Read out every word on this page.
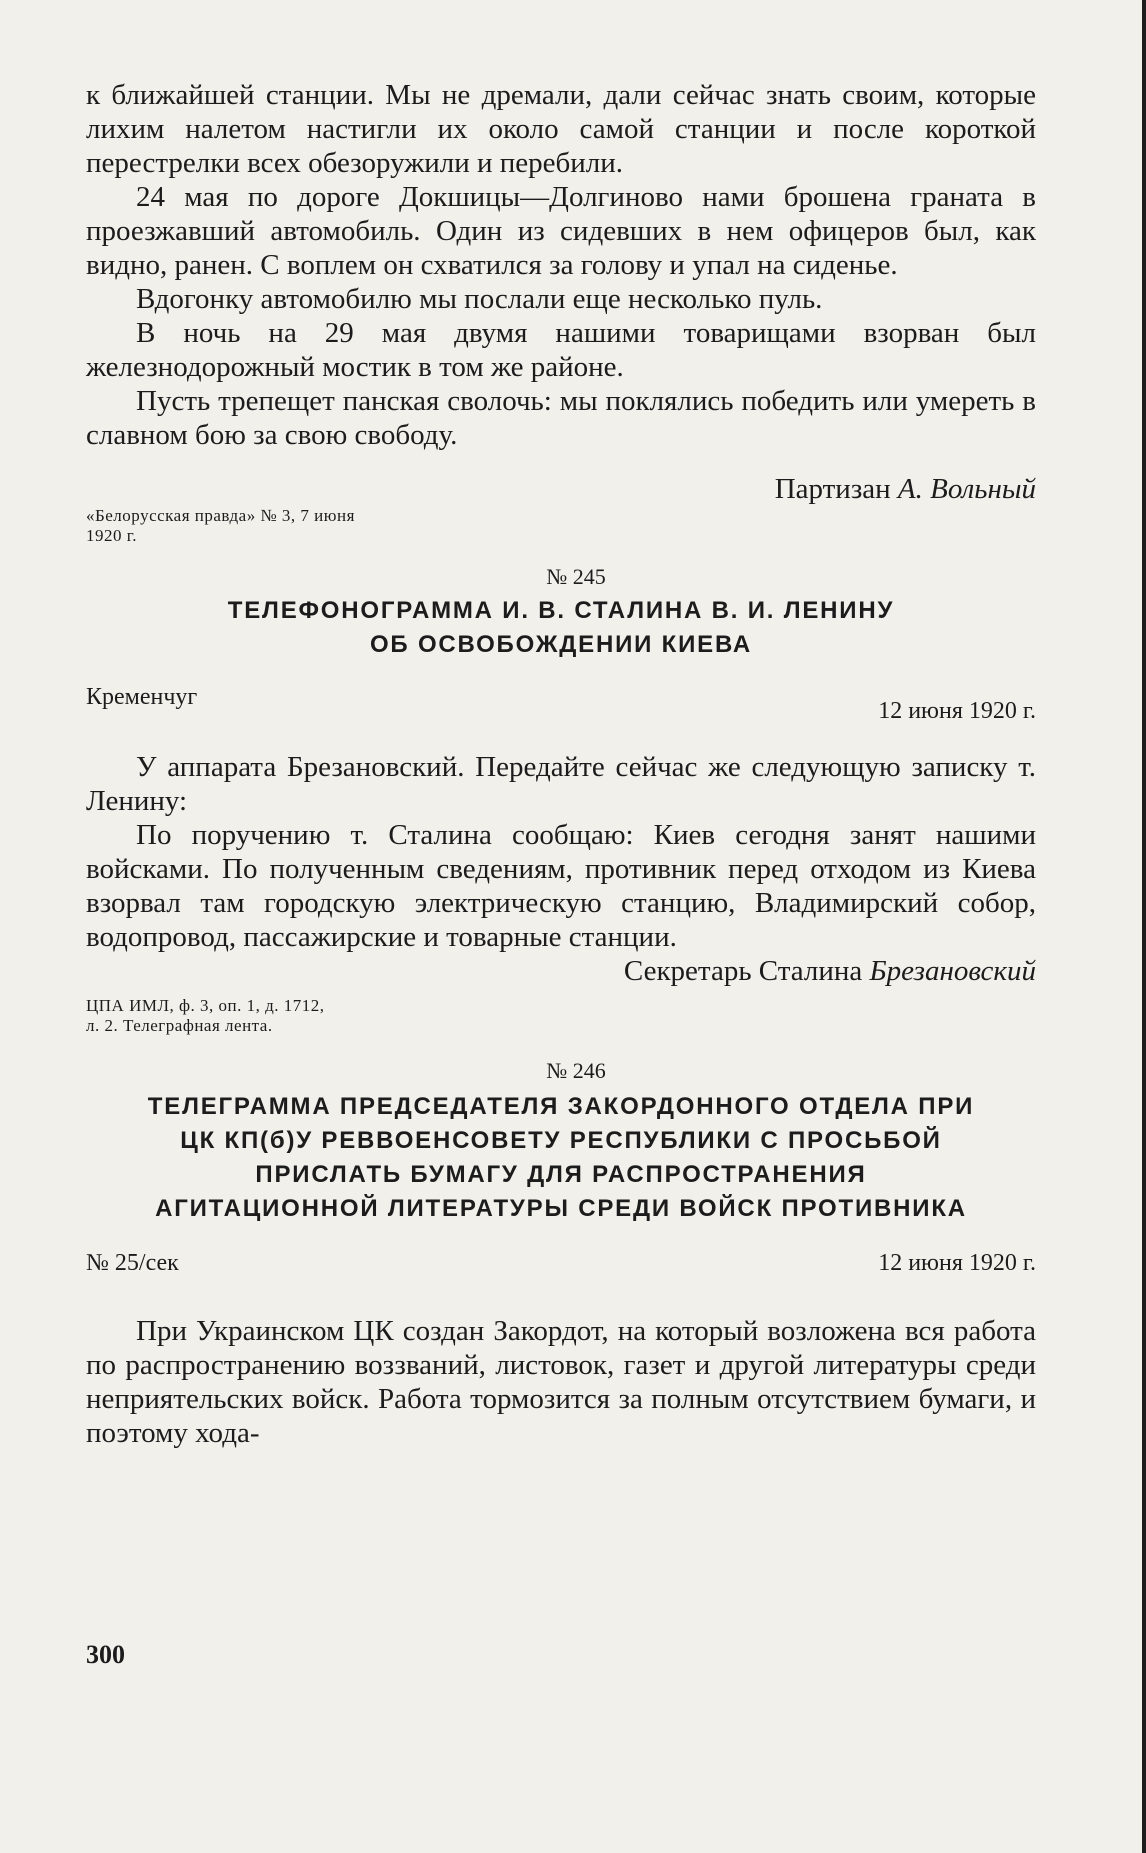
к ближайшей станции. Мы не дремали, дали сейчас знать своим, которые лихим налетом настигли их около самой станции и после короткой перестрелки всех обезоружили и перебили.

24 мая по дороге Докшицы—Долгиново нами брошена граната в проезжавший автомобиль. Один из сидевших в нем офицеров был, как видно, ранен. С воплем он схватился за голову и упал на сиденье.

Вдогонку автомобилю мы послали еще несколько пуль.

В ночь на 29 мая двумя нашими товарищами взорван был железнодорожный мостик в том же районе.

Пусть трепещет панская сволочь: мы поклялись победить или умереть в славном бою за свою свободу.

Партизан А. Вольный

«Белорусская правда» № 3, 7 июня
1920 г.

№ 245

ТЕЛЕФОНОГРАММА И. В. СТАЛИНА В. И. ЛЕНИНУ

ОБ ОСВОБОЖДЕНИИ КИЕВА

Кременчуг
12 июня 1920 г.

У аппарата Брезановский. Передайте сейчас же следующую записку т. Ленину:

По поручению т. Сталина сообщаю: Киев сегодня занят нашими войсками. По полученным сведениям, противник перед отходом из Киева взорвал там городскую электрическую станцию, Владимирский собор, водопровод, пассажирские и товарные станции.

Секретарь Сталина Брезановский

ЦПА ИМЛ, ф. 3, оп. 1, д. 1712,
л. 2. Телеграфная лента.

№ 246

ТЕЛЕГРАММА ПРЕДСЕДАТЕЛЯ ЗАКОРДОННОГО ОТДЕЛА ПРИ

ЦК КП(б)У РЕВВОЕНСОВЕТУ РЕСПУБЛИКИ С ПРОСЬБОЙ

ПРИСЛАТЬ БУМАГУ ДЛЯ РАСПРОСТРАНЕНИЯ

АГИТАЦИОННОЙ ЛИТЕРАТУРЫ СРЕДИ ВОЙСК ПРОТИВНИКА

№ 25/сек	12 июня 1920 г.

При Украинском ЦК создан Закордот, на который возложена вся работа по распространению воззваний, листовок, газет и другой литературы среди неприятельских войск. Работа тормозится за полным отсутствием бумаги, и поэтому хода-

300
